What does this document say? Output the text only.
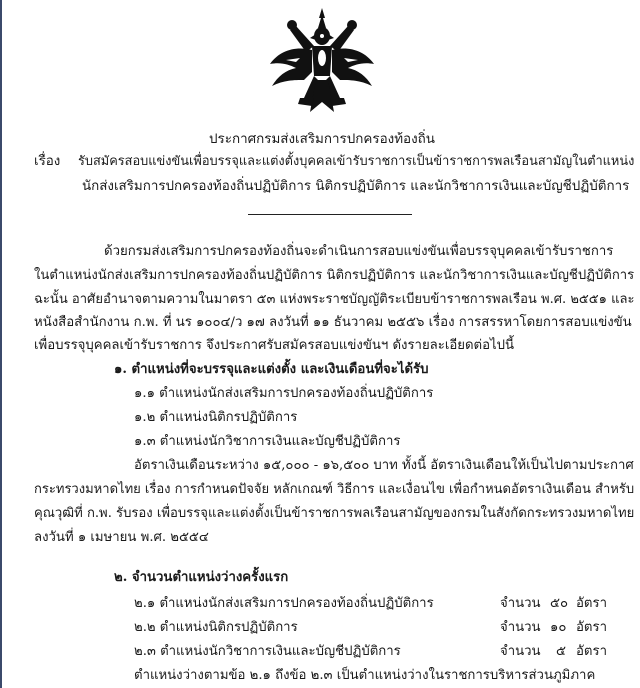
ประกาศกรมส่งเสริมการปกครองท้องถิ่น
เรื่อง รับสมัครสอบแข่งขันเพื่อบรรจุและแต่งตั้งบุคคลเข้ารับราชการเป็นข้าราชการพลเรือนสามัญในตำแหน่ง
นักส่งเสริมการปกครองท้องถิ่นปฏิบัติการ นิติกรปฏิบัติการ และนักวิชาการเงินและบัญชีปฏิบัติการ
ด้วยกรมส่งเสริมการปกครองท้องถิ่นจะดำเนินการสอบแข่งขันเพื่อบรรจุบุคคลเข้ารับราชการ
ในตำแหน่งนักส่งเสริมการปกครองท้องถิ่นปฏิบัติการ นิติกรปฏิบัติการ และนักวิชาการเงินและบัญชีปฏิบัติการ
ฉะนั้น อาศัยอำนาจตามความในมาตรา ๕๓ แห่งพระราชบัญญัติระเบียบข้าราชการพลเรือน พ.ศ. ๒๕๕๑ และ
หนังสือสำนักงาน ก.พ. ที่ นร ๑๐๐๔/ว ๑๗ ลงวันที่ ๑๑ ธันวาคม ๒๕๕๖ เรื่อง การสรรหาโดยการสอบแข่งขัน
เพื่อบรรจุบุคคลเข้ารับราชการ จึงประกาศรับสมัครสอบแข่งขันฯ ดังรายละเอียดต่อไปนี้
๑. ตำแหน่งที่จะบรรจุและแต่งตั้ง และเงินเดือนที่จะได้รับ
๑.๑ ตำแหน่งนักส่งเสริมการปกครองท้องถิ่นปฏิบัติการ
๑.๒ ตำแหน่งนิติกรปฏิบัติการ
๑.๓ ตำแหน่งนักวิชาการเงินและบัญชีปฏิบัติการ
อัตราเงินเดือนระหว่าง ๑๕,๐๐๐ - ๑๖,๕๐๐ บาท ทั้งนี้ อัตราเงินเดือนให้เป็นไปตามประกาศ
กระทรวงมหาดไทย เรื่อง การกำหนดปัจจัย หลักเกณฑ์ วิธีการ และเงื่อนไข เพื่อกำหนดอัตราเงินเดือน สำหรับ
คุณวุฒิที่ ก.พ. รับรอง เพื่อบรรจุและแต่งตั้งเป็นข้าราชการพลเรือนสามัญของกรมในสังกัดกระทรวงมหาดไทย
ลงวันที่ ๑ เมษายน พ.ศ. ๒๕๕๔
๒. จำนวนตำแหน่งว่างครั้งแรก
๒.๑ ตำแหน่งนักส่งเสริมการปกครองท้องถิ่นปฏิบัติการ	จำนวน ๕๐ อัตรา
๒.๒ ตำแหน่งนิติกรปฏิบัติการ	จำนวน ๑๐ อัตรา
๒.๓ ตำแหน่งนักวิชาการเงินและบัญชีปฏิบัติการ	จำนวน ๕ อัตรา
ตำแหน่งว่างตามข้อ ๒.๑ ถึงข้อ ๒.๓ เป็นตำแหน่งว่างในราชการบริหารส่วนภูมิภาค
